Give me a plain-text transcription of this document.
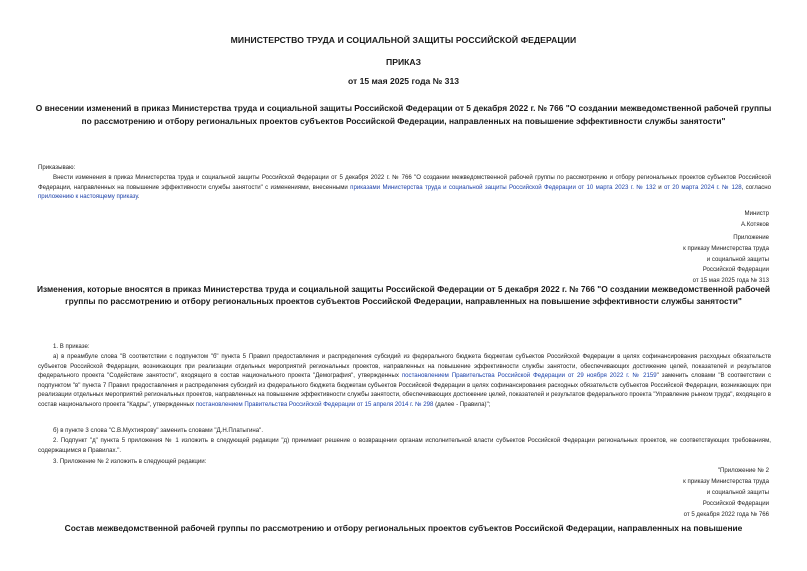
МИНИСТЕРСТВО ТРУДА И СОЦИАЛЬНОЙ ЗАЩИТЫ РОССИЙСКОЙ ФЕДЕРАЦИИ
ПРИКАЗ
от 15 мая 2025 года № 313
О внесении изменений в приказ Министерства труда и социальной защиты Российской Федерации от 5 декабря 2022 г. № 766 "О создании межведомственной рабочей группы по рассмотрению и отбору региональных проектов субъектов Российской Федерации, направленных на повышение эффективности службы занятости"
Приказываю:
Внести изменения в приказ Министерства труда и социальной защиты Российской Федерации от 5 декабря 2022 г. № 766 "О создании межведомственной рабочей группы по рассмотрению и отбору региональных проектов субъектов Российской Федерации, направленных на повышение эффективности службы занятости" с изменениями, внесенными приказами Министерства труда и социальной защиты Российской Федерации от 10 марта 2023 г. № 132 и от 20 марта 2024 г. № 128, согласно приложению к настоящему приказу.
Министр
А.Котяков
Приложение
к приказу Министерства труда
и социальной защиты
Российской Федерации
от 15 мая 2025 года № 313
Изменения, которые вносятся в приказ Министерства труда и социальной защиты Российской Федерации от 5 декабря 2022 г. № 766 "О создании межведомственной рабочей группы по рассмотрению и отбору региональных проектов субъектов Российской Федерации, направленных на повышение эффективности службы занятости"
1. В приказе:
а) в преамбуле слова "В соответствии с подпунктом "б" пункта 5 Правил предоставления и распределения субсидий из федерального бюджета бюджетам субъектов Российской Федерации в целях софинансирования расходных обязательств субъектов Российской Федерации, возникающих при реализации отдельных мероприятий региональных проектов, направленных на повышение эффективности службы занятости, обеспечивающих достижение целей, показателей и результатов федерального проекта "Содействие занятости", входящего в состав национального проекта "Демография", утвержденных постановлением Правительства Российской Федерации от 29 ноября 2022 г. № 2159" заменить словами "В соответствии с подпунктом "в" пункта 7 Правил предоставления и распределения субсидий из федерального бюджета бюджетам субъектов Российской Федерации в целях софинансирования расходных обязательств субъектов Российской Федерации, возникающих при реализации отдельных мероприятий региональных проектов, направленных на повышение эффективности службы занятости, обеспечивающих достижение целей, показателей и результатов федерального проекта "Управление рынком труда", входящего в состав национального проекта "Кадры", утвержденных постановлением Правительства Российской Федерации от 15 апреля 2014 г. № 298 (далее - Правила)";
б) в пункте 3 слова "С.В.Мухтиярову" заменить словами "Д.Н.Платыгина".
2. Подпункт "д" пункта 5 приложения № 1 изложить в следующей редакции "д) принимает решение о возвращении органам исполнительной власти субъектов Российской Федерации региональных проектов, не соответствующих требованиям, содержащимся в Правилах.".
3. Приложение № 2 изложить в следующей редакции:
"Приложение № 2
к приказу Министерства труда
и социальной защиты
Российской Федерации
от 5 декабря 2022 года № 766
Состав межведомственной рабочей группы по рассмотрению и отбору региональных проектов субъектов Российской Федерации, направленных на повышение
